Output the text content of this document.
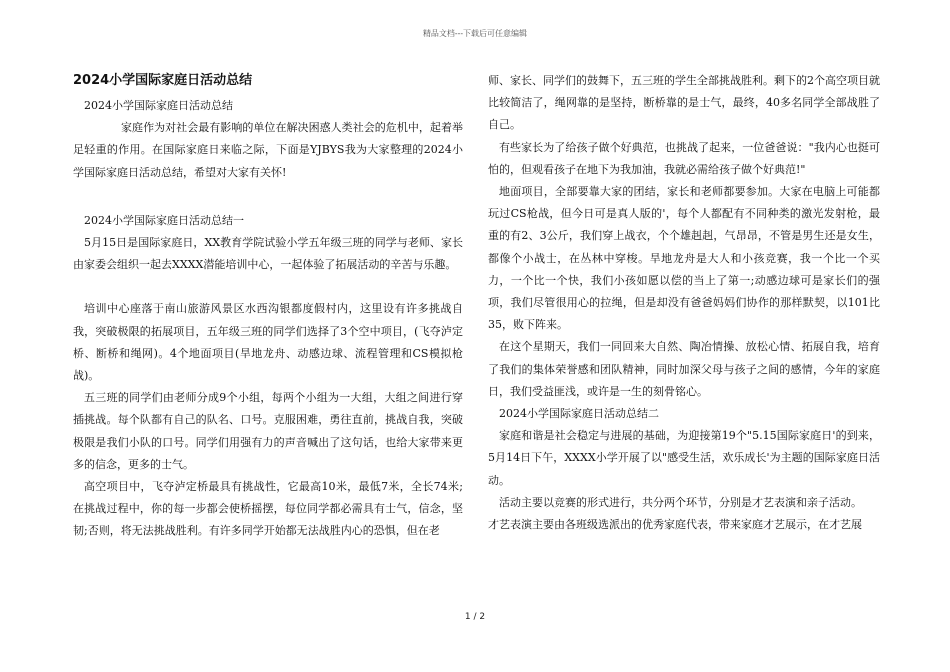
精品文档---下载后可任意编辑
2024小学国际家庭日活动总结

2024小学国际家庭日活动总结

家庭作为对社会最有影响的单位在解决困惑人类社会的危机中，起着举足轻重的作用。在国际家庭日来临之际，下面是YJBYS我为大家整理的2024小学国际家庭日活动总结，希望对大家有关怀!

2024小学国际家庭日活动总结一

5月15日是国际家庭日，XX教育学院试验小学五年级三班的同学与老师、家长由家委会组织一起去XXXX潜能培训中心，一起体验了拓展活动的辛苦与乐趣。

培训中心座落于南山旅游风景区水西沟银都度假村内，这里设有许多挑战自我，突破极限的拓展项目，五年级三班的同学们选择了3个空中项目，(飞夺泸定桥、断桥和绳网)。4个地面项目(旱地龙舟、动感边球、流程管理和CS模拟枪战)。

五三班的同学们由老师分成9个小组，每两个小组为一大组，大组之间进行穿插挑战。每个队都有自己的队名、口号。克服困难，勇往直前，挑战自我，突破极限是我们小队的口号。同学们用强有力的声音喊出了这句话，也给大家带来更多的信念，更多的士气。

高空项目中，飞夺泸定桥最具有挑战性，它最高10米，最低7米，全长74米;在挑战过程中，你的每一步都会使桥摇摆，每位同学都必需具有士气，信念，坚韧;否则，将无法挑战胜利。有许多同学开始都无法战胜内心的恐惧，但在老

师、家长、同学们的鼓舞下，五三班的学生全部挑战胜利。剩下的2个高空项目就比较简洁了，绳网靠的是坚持，断桥靠的是士气，最终，40多名同学全部战胜了自己。

有些家长为了给孩子做个好典范，也挑战了起来，一位爸爸说："我内心也挺可怕的，但观看孩子在地下为我加油，我就必需给孩子做个好典范!"

地面项目，全部要靠大家的团结，家长和老师都要参加。大家在电脑上可能都玩过CS枪战，但今日可是真人版的'，每个人都配有不同种类的激光发射枪，最重的有2、3公斤，我们穿上战衣，个个雄赳赳，气昂昂，不管是男生还是女生，都像个小战士，在丛林中穿梭。旱地龙舟是大人和小孩竞赛，我一个比一个买力，一个比一个快，我们小孩如愿以偿的当上了第一;动感边球可是家长们的强项，我们尽管很用心的拉绳，但是却没有爸爸妈妈们协作的那样默契，以101比35，败下阵来。

在这个星期天，我们一同回来大自然、陶冶情操、放松心情、拓展自我，培育了我们的集体荣誉感和团队精神，同时加深父母与孩子之间的感情，今年的家庭日，我们受益匪浅，或许是一生的刻骨铭心。

2024小学国际家庭日活动总结二

家庭和谐是社会稳定与进展的基础，为迎接第19个"5.15国际家庭日'的到来，5月14日下午，XXXX小学开展了以"感受生活，欢乐成长'为主题的国际家庭日活动。

活动主要以竞赛的形式进行，共分两个环节，分别是才艺表演和亲子活动。

才艺表演主要由各班级选派出的优秀家庭代表，带来家庭才艺展示，在才艺展

1 / 2
